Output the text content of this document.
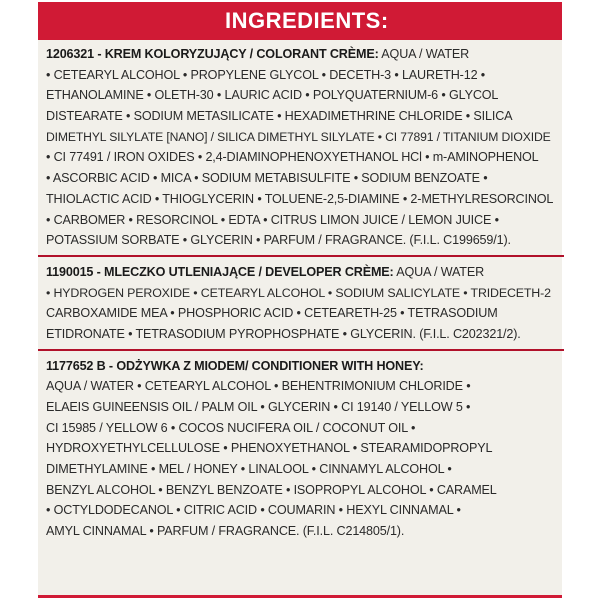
INGREDIENTS:
1206321 - KREM KOLORYZUJĄCY / COLORANT CRÈME: AQUA / WATER
• CETEARYL ALCOHOL • PROPYLENE GLYCOL • DECETH-3 • LAURETH-12 •
ETHANOLAMINE • OLETH-30 • LAURIC ACID • POLYQUATERNIUM-6 • GLYCOL
DISTEARATE • SODIUM METASILICATE • HEXADIMETHRINE CHLORIDE • SILICA
DIMETHYL SILYLATE [NANO] / SILICA DIMETHYL SILYLATE • CI 77891 / TITANIUM DIOXIDE
• CI 77491 / IRON OXIDES • 2,4-DIAMINOPHENOXYETHANOL HCl • m-AMINOPHENOL
• ASCORBIC ACID • MICA • SODIUM METABISULFITE • SODIUM BENZOATE •
THIOLACTIC ACID • THIOGLYCERIN • TOLUENE-2,5-DIAMINE • 2-METHYLRESORCINOL
• CARBOMER • RESORCINOL • EDTA • CITRUS LIMON JUICE / LEMON JUICE •
POTASSIUM SORBATE • GLYCERIN • PARFUM / FRAGRANCE. (F.I.L. C199659/1).
1190015 - MLECZKO UTLENIAJĄCE / DEVELOPER CRÈME: AQUA / WATER
• HYDROGEN PEROXIDE • CETEARYL ALCOHOL • SODIUM SALICYLATE • TRIDECETH-2
CARBOXAMIDE MEA • PHOSPHORIC ACID • CETEARETH-25 • TETRASODIUM
ETIDRONATE • TETRASODIUM PYROPHOSPHATE • GLYCERIN. (F.I.L. C202321/2).
1177652 B - ODŻYWKA Z MIODEM/ CONDITIONER WITH HONEY:
AQUA / WATER • CETEARYL ALCOHOL • BEHENTRIMONIUM CHLORIDE •
ELAEIS GUINEENSIS OIL / PALM OIL • GLYCERIN • CI 19140 / YELLOW 5 •
CI 15985 / YELLOW 6 • COCOS NUCIFERA OIL / COCONUT OIL •
HYDROXYETHYLCELLULOSE • PHENOXYETHANOL • STEARAMIDOPROPYL
DIMETHYLAMINE • MEL / HONEY • LINALOOL • CINNAMYL ALCOHOL •
BENZYL ALCOHOL • BENZYL BENZOATE • ISOPROPYL ALCOHOL • CARAMEL
• OCTYLDODECANOL • CITRIC ACID • COUMARIN • HEXYL CINNAMAL •
AMYL CINNAMAL • PARFUM / FRAGRANCE. (F.I.L. C214805/1).
